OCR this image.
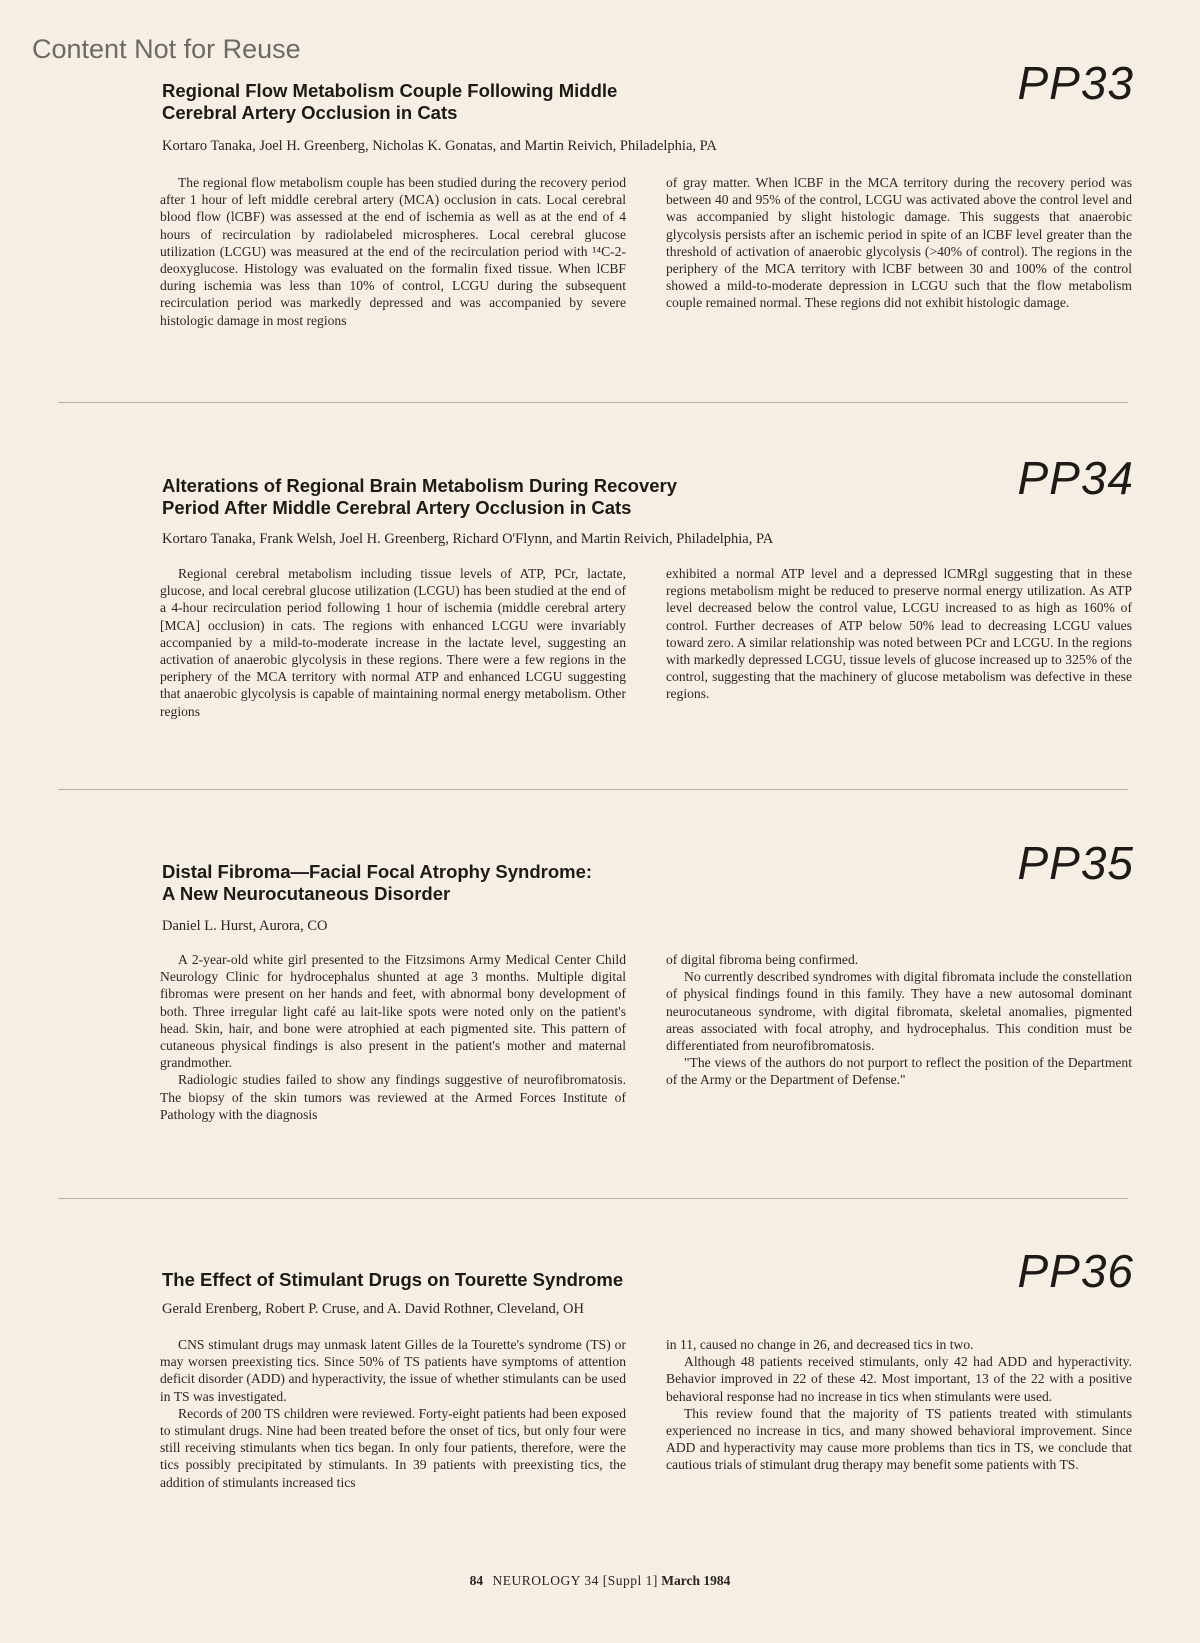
Content Not for Reuse
Regional Flow Metabolism Couple Following Middle
Cerebral Artery Occlusion in Cats
PP33
Kortaro Tanaka, Joel H. Greenberg, Nicholas K. Gonatas, and Martin Reivich, Philadelphia, PA

The regional flow metabolism couple has been studied during the recovery period after 1 hour of left middle cerebral artery (MCA) occlusion in cats. Local cerebral blood flow (lCBF) was assessed at the end of ischemia as well as at the end of 4 hours of recirculation by radiolabeled microspheres. Local cerebral glucose utilization (LCGU) was measured at the end of the recirculation period with ¹⁴C-2-deoxyglucose. Histology was evaluated on the formalin fixed tissue. When lCBF during ischemia was less than 10% of control, LCGU during the subsequent recirculation period was markedly depressed and was accompanied by severe histologic damage in most regions

of gray matter. When lCBF in the MCA territory during the recovery period was between 40 and 95% of the control, LCGU was activated above the control level and was accompanied by slight histologic damage. This suggests that anaerobic glycolysis persists after an ischemic period in spite of an lCBF level greater than the threshold of activation of anaerobic glycolysis (>40% of control). The regions in the periphery of the MCA territory with lCBF between 30 and 100% of the control showed a mild-to-moderate depression in LCGU such that the flow metabolism couple remained normal. These regions did not exhibit histologic damage.

Alterations of Regional Brain Metabolism During Recovery
Period After Middle Cerebral Artery Occlusion in Cats
PP34
Kortaro Tanaka, Frank Welsh, Joel H. Greenberg, Richard O'Flynn, and Martin Reivich, Philadelphia, PA

Regional cerebral metabolism including tissue levels of ATP, PCr, lactate, glucose, and local cerebral glucose utilization (LCGU) has been studied at the end of a 4-hour recirculation period following 1 hour of ischemia (middle cerebral artery [MCA] occlusion) in cats. The regions with enhanced LCGU were invariably accompanied by a mild-to-moderate increase in the lactate level, suggesting an activation of anaerobic glycolysis in these regions. There were a few regions in the periphery of the MCA territory with normal ATP and enhanced LCGU suggesting that anaerobic glycolysis is capable of maintaining normal energy metabolism. Other regions

exhibited a normal ATP level and a depressed lCMRgl suggesting that in these regions metabolism might be reduced to preserve normal energy utilization. As ATP level decreased below the control value, LCGU increased to as high as 160% of control. Further decreases of ATP below 50% lead to decreasing LCGU values toward zero. A similar relationship was noted between PCr and LCGU. In the regions with markedly depressed LCGU, tissue levels of glucose increased up to 325% of the control, suggesting that the machinery of glucose metabolism was defective in these regions.

Distal Fibroma—Facial Focal Atrophy Syndrome:
A New Neurocutaneous Disorder
PP35
Daniel L. Hurst, Aurora, CO

A 2-year-old white girl presented to the Fitzsimons Army Medical Center Child Neurology Clinic for hydrocephalus shunted at age 3 months. Multiple digital fibromas were present on her hands and feet, with abnormal bony development of both. Three irregular light café au lait-like spots were noted only on the patient's head. Skin, hair, and bone were atrophied at each pigmented site. This pattern of cutaneous physical findings is also present in the patient's mother and maternal grandmother.

Radiologic studies failed to show any findings suggestive of neurofibromatosis. The biopsy of the skin tumors was reviewed at the Armed Forces Institute of Pathology with the diagnosis

of digital fibroma being confirmed.

No currently described syndromes with digital fibromata include the constellation of physical findings found in this family. They have a new autosomal dominant neurocutaneous syndrome, with digital fibromata, skeletal anomalies, pigmented areas associated with focal atrophy, and hydrocephalus. This condition must be differentiated from neurofibromatosis.

"The views of the authors do not purport to reflect the position of the Department of the Army or the Department of Defense."

The Effect of Stimulant Drugs on Tourette Syndrome	PP36
Gerald Erenberg, Robert P. Cruse, and A. David Rothner, Cleveland, OH

CNS stimulant drugs may unmask latent Gilles de la Tourette's syndrome (TS) or may worsen preexisting tics. Since 50% of TS patients have symptoms of attention deficit disorder (ADD) and hyperactivity, the issue of whether stimulants can be used in TS was investigated.

Records of 200 TS children were reviewed. Forty-eight patients had been exposed to stimulant drugs. Nine had been treated before the onset of tics, but only four were still receiving stimulants when tics began. In only four patients, therefore, were the tics possibly precipitated by stimulants. In 39 patients with preexisting tics, the addition of stimulants increased tics

in 11, caused no change in 26, and decreased tics in two.

Although 48 patients received stimulants, only 42 had ADD and hyperactivity. Behavior improved in 22 of these 42. Most important, 13 of the 22 with a positive behavioral response had no increase in tics when stimulants were used.

This review found that the majority of TS patients treated with stimulants experienced no increase in tics, and many showed behavioral improvement. Since ADD and hyperactivity may cause more problems than tics in TS, we conclude that cautious trials of stimulant drug therapy may benefit some patients with TS.

84 NEUROLOGY 34 [Suppl 1] March 1984
